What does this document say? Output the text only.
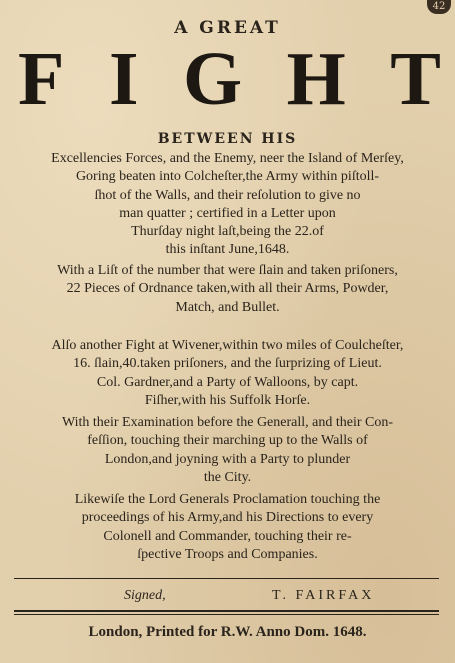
42
A GREAT
F I G H T
BETWEEN HIS

Excellencies Forces, and the Enemy, neer the Island of Merſey,
Goring beaten into Colcheſter,the Army within piſtoll-
ſhot of the Walls, and their reſolution to give no
man quatter ; certified in a Letter upon
Thurſday night laſt,being the 22.of
this inſtant June,1648.

With a Liſt of the number that were ſlain and taken priſoners,
22 Pieces of Ordnance taken,with all their Arms, Powder,
Match, and Bullet.

Alſo another Fight at Wivener,within two miles of Coulcheſter,
16. ſlain,40.taken priſoners, and the ſurprizing of Lieut.
Col. Gardner,and a Party of Walloons, by capt.
Fiſher,with his Suffolk Horſe.

With their Examination before the Generall, and their Con-
feſſion, touching their marching up to the Walls of
London,and joyning with a Party to plunder
the City.

Likewiſe the Lord Generals Proclamation touching the
proceedings of his Army,and his Directions to every
Colonell and Commander, touching their re-
ſpective Troops and Companies.

Signed,	T. FAIRFAX
London, Printed for R.W. Anno Dom. 1648.
